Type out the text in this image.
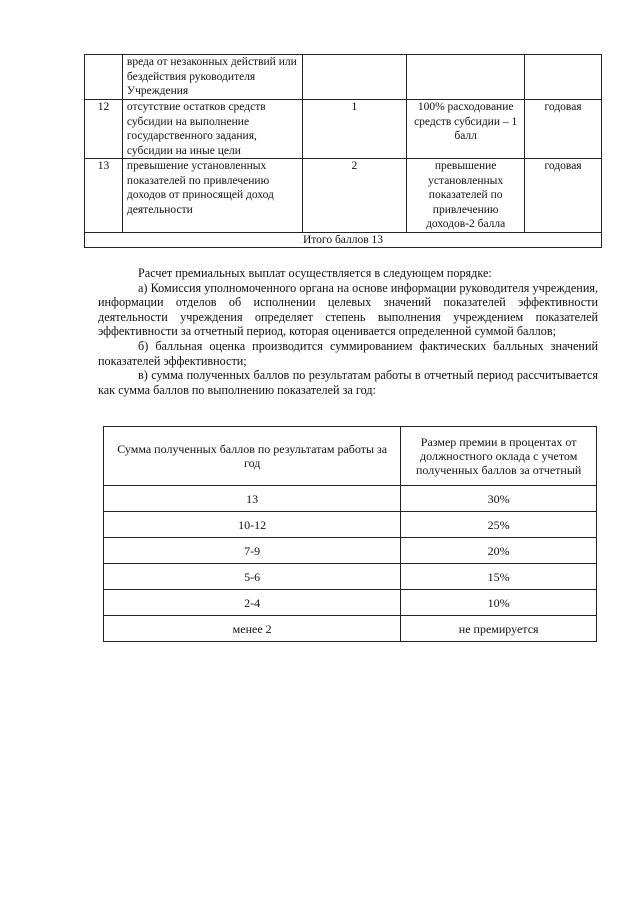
	вреда от незаконных действий или бездействия руководителя Учреждения			
12	отсутствие остатков средств субсидии на выполнение государственного задания, субсидии на иные цели	1	100% расходование средств субсидии – 1 балл	годовая
13	превышение установленных показателей по привлечению доходов от приносящей доход деятельности	2	превышение установленных показателей по привлечению доходов-2 балла	годовая
Итого баллов 13				

Расчет премиальных выплат осуществляется в следующем порядке:

а) Комиссия уполномоченного органа на основе информации руководителя учреждения, информации отделов об исполнении целевых значений показателей эффективности деятельности учреждения определяет степень выполнения учреждением показателей эффективности за отчетный период, которая оценивается определенной суммой баллов;

б) балльная оценка производится суммированием фактических балльных значений показателей эффективности;

в) сумма полученных баллов по результатам работы в отчетный период рассчитывается как сумма баллов по выполнению показателей за год:

Сумма полученных баллов по результатам работы за год	Размер премии в процентах от должностного оклада с учетом полученных баллов за отчетный
13	30%
10-12	25%
7-9	20%
5-6	15%
2-4	10%
менее 2	не премируется
